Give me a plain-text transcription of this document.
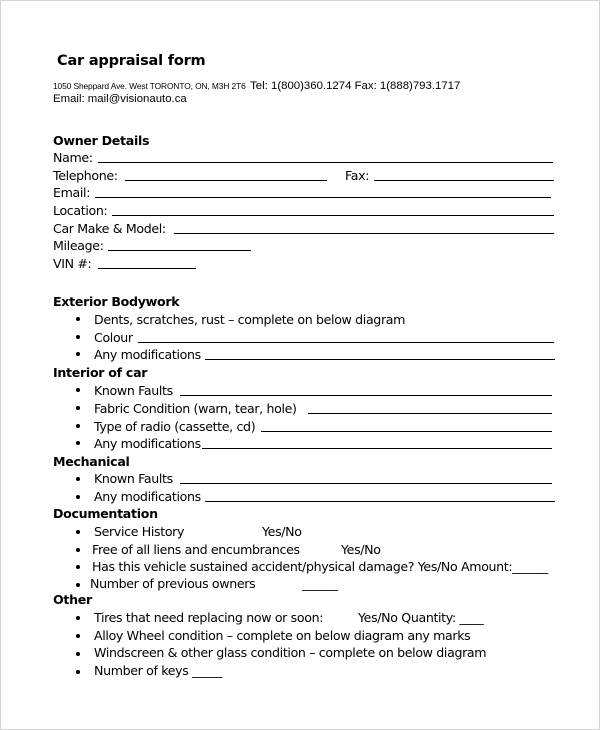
Car appraisal form
1050 Sheppard Ave. West TORONTO, ON, M3H 2T6 Tel: 1(800)360.1274 Fax: 1(888)793.1717
Email: mail@visionauto.ca
Owner Details
Name:
Telephone:	Fax:
Email:
Location:
Car Make & Model:
Mileage:
VIN #:
Exterior Bodywork
Dents, scratches, rust – complete on below diagram
Colour
Any modifications
Interior of car
Known Faults
Fabric Condition (warn, tear, hole)
Type of radio (cassette, cd)
Any modifications
Mechanical
Known Faults
Any modifications
Documentation
Service History	Yes/No
Free of all liens and encumbrances	Yes/No
Has this vehicle sustained accident/physical damage? Yes/No Amount:______
Number of previous owners	______
Other
Tires that need replacing now or soon:	Yes/No Quantity: ____
Alloy Wheel condition – complete on below diagram any marks
Windscreen & other glass condition – complete on below diagram
Number of keys _____
